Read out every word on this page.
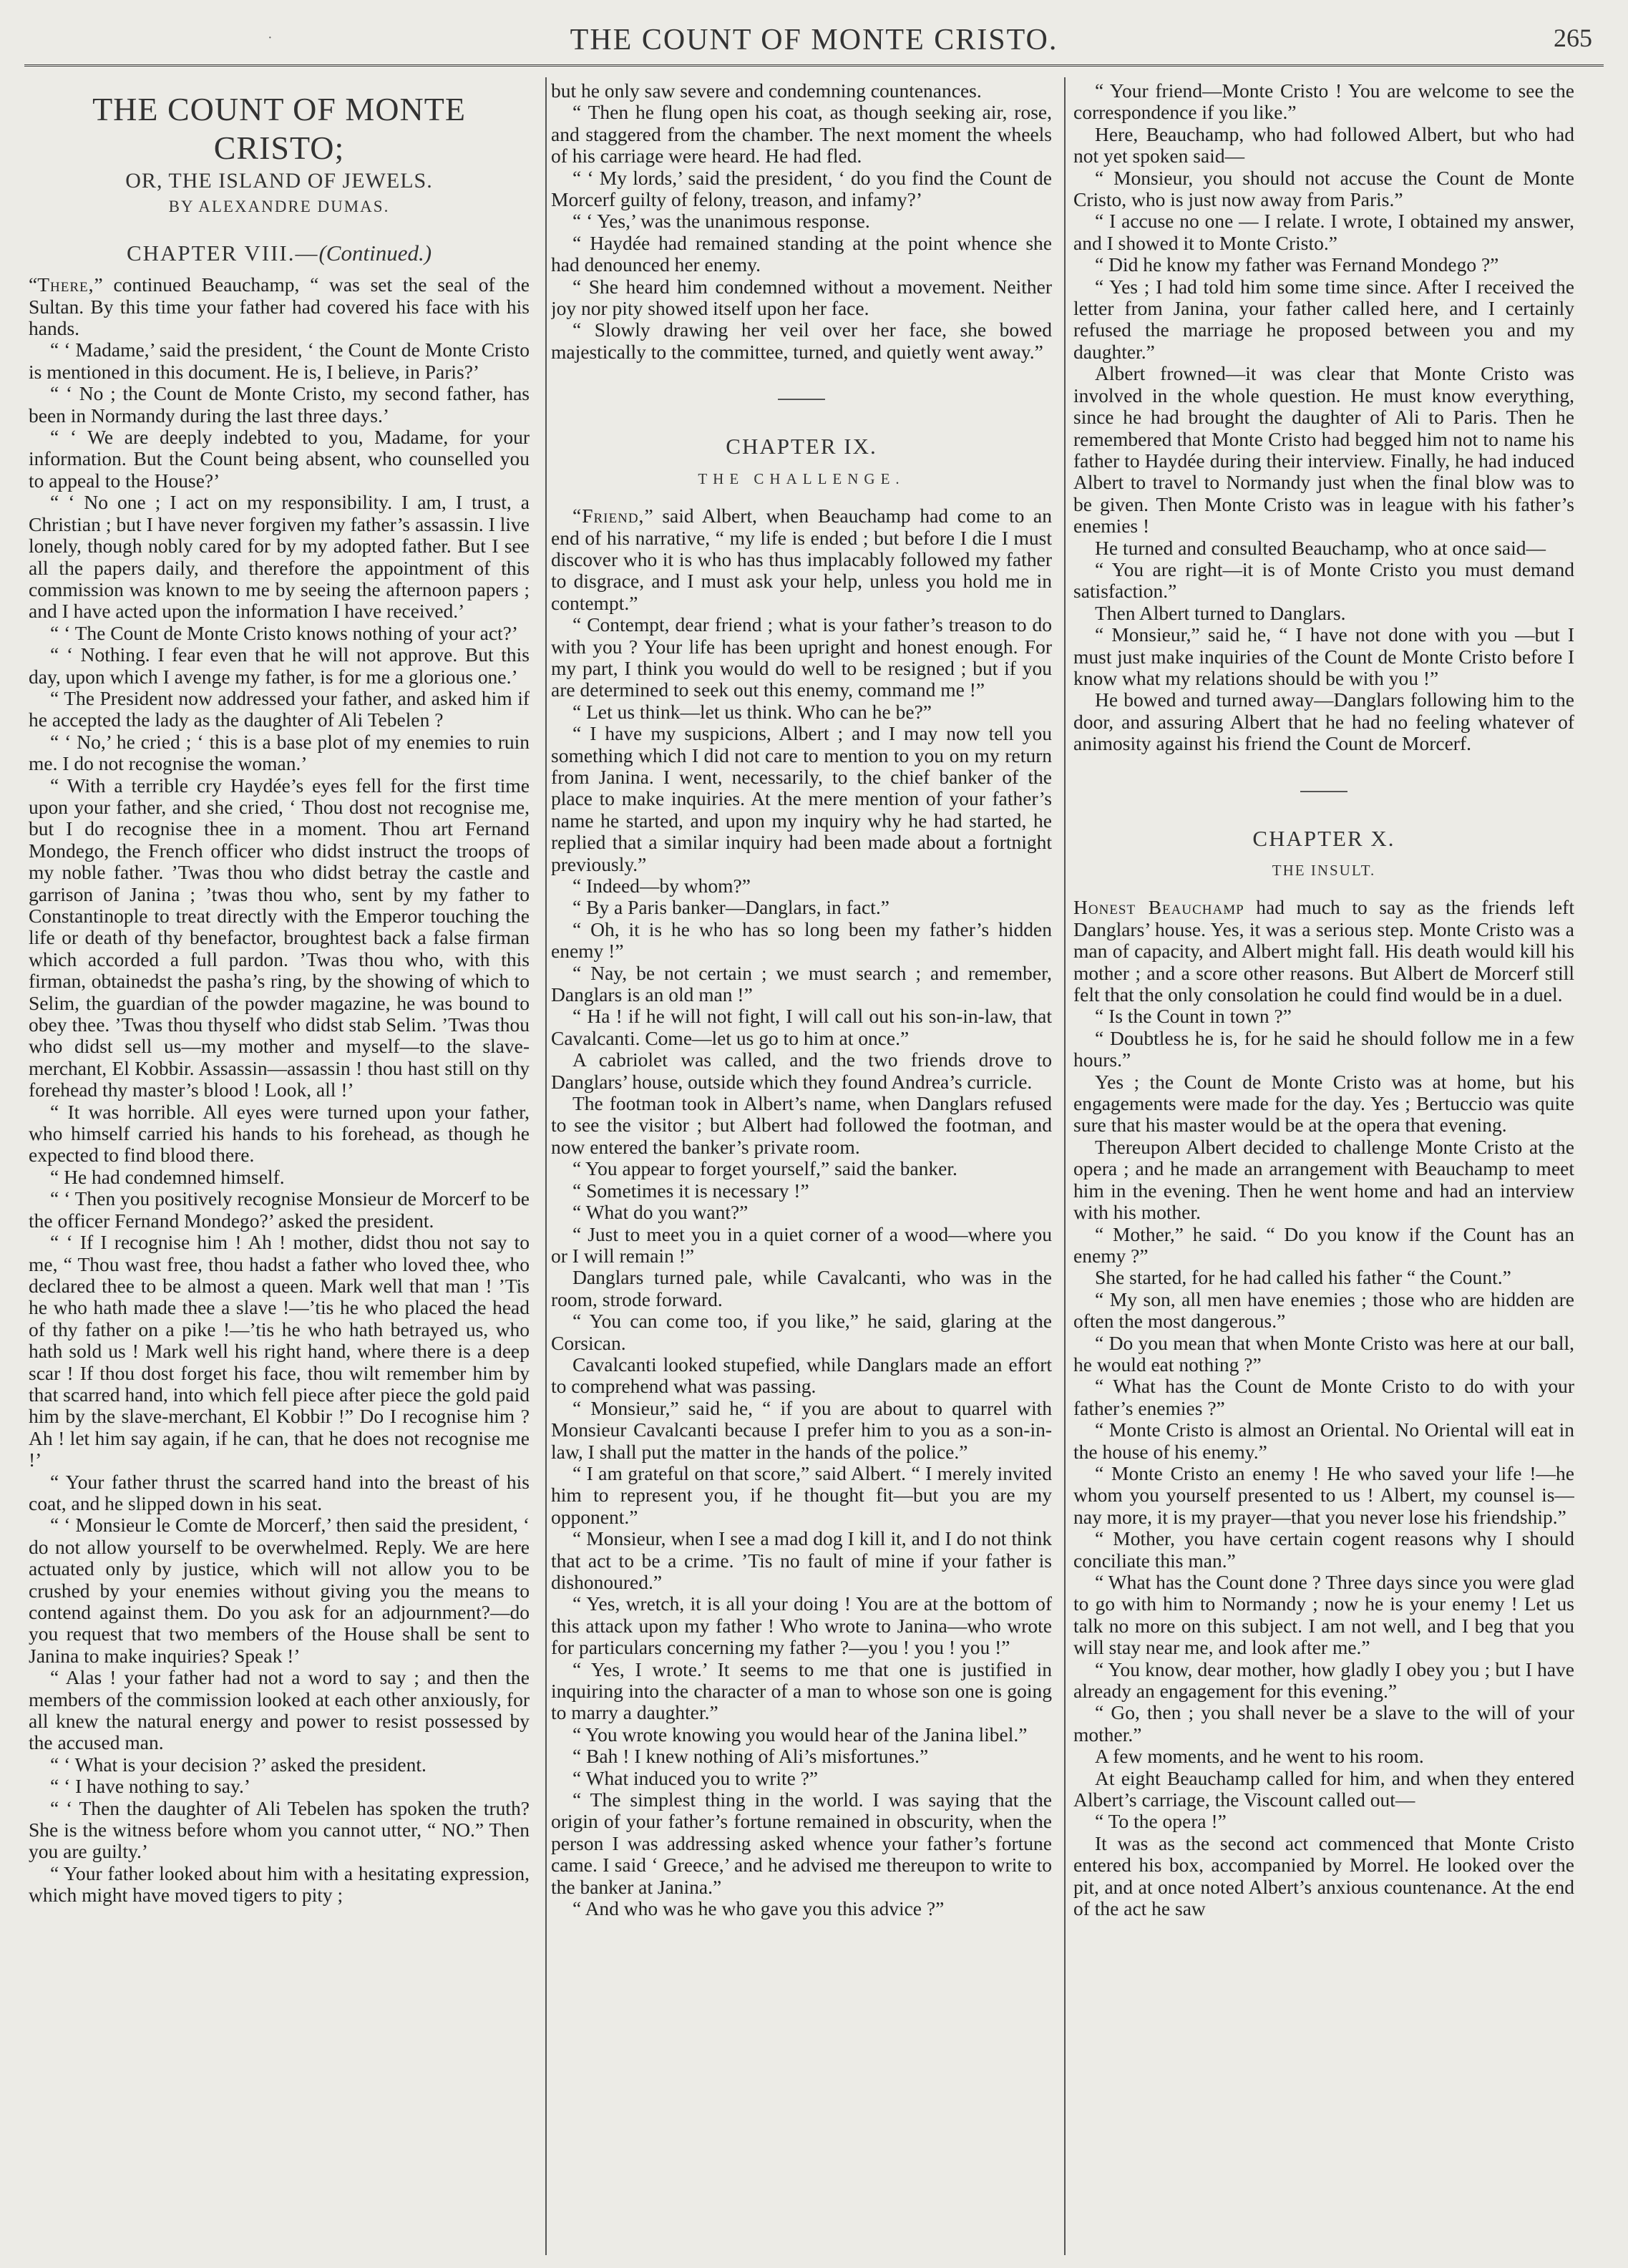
·	THE COUNT OF MONTE CRISTO.	265
THE COUNT OF MONTE CRISTO;
OR, THE ISLAND OF JEWELS.
BY ALEXANDRE DUMAS.
CHAPTER VIII.—(Continued.)

“There,” continued Beauchamp, “ was set the seal of the Sultan. By this time your father had covered his face with his hands.

“ ‘ Madame,’ said the president, ‘ the Count de Monte Cristo is mentioned in this document. He is, I believe, in Paris?’

“ ‘ No ; the Count de Monte Cristo, my second father, has been in Normandy during the last three days.’

“ ‘ We are deeply indebted to you, Madame, for your information. But the Count being absent, who counselled you to appeal to the House?’

“ ‘ No one ; I act on my responsibility. I am, I trust, a Christian ; but I have never forgiven my father’s assassin. I live lonely, though nobly cared for by my adopted father. But I see all the papers daily, and therefore the appointment of this commission was known to me by seeing the afternoon papers ; and I have acted upon the information I have received.’

“ ‘ The Count de Monte Cristo knows nothing of your act?’

“ ‘ Nothing. I fear even that he will not approve. But this day, upon which I avenge my father, is for me a glorious one.’

“ The President now addressed your father, and asked him if he accepted the lady as the daughter of Ali Tebelen ?

“ ‘ No,’ he cried ; ‘ this is a base plot of my enemies to ruin me. I do not recognise the woman.’

“ With a terrible cry Haydée’s eyes fell for the first time upon your father, and she cried, ‘ Thou dost not recognise me, but I do recognise thee in a moment. Thou art Fernand Mondego, the French officer who didst instruct the troops of my noble father. ’Twas thou who didst betray the castle and garrison of Janina ; ’twas thou who, sent by my father to Constantinople to treat directly with the Emperor touching the life or death of thy benefactor, broughtest back a false firman which accorded a full pardon. ’Twas thou who, with this firman, obtainedst the pasha’s ring, by the showing of which to Selim, the guardian of the powder magazine, he was bound to obey thee. ’Twas thou thyself who didst stab Selim. ’Twas thou who didst sell us—my mother and myself—to the slave-merchant, El Kobbir. Assassin—assassin ! thou hast still on thy forehead thy master’s blood ! Look, all !’

“ It was horrible. All eyes were turned upon your father, who himself carried his hands to his forehead, as though he expected to find blood there.

“ He had condemned himself.

“ ‘ Then you positively recognise Monsieur de Morcerf to be the officer Fernand Mondego?’ asked the president.

“ ‘ If I recognise him ! Ah ! mother, didst thou not say to me, “ Thou wast free, thou hadst a father who loved thee, who declared thee to be almost a queen. Mark well that man ! ’Tis he who hath made thee a slave !—’tis he who placed the head of thy father on a pike !—’tis he who hath betrayed us, who hath sold us ! Mark well his right hand, where there is a deep scar ! If thou dost forget his face, thou wilt remember him by that scarred hand, into which fell piece after piece the gold paid him by the slave-merchant, El Kobbir !” Do I recognise him ? Ah ! let him say again, if he can, that he does not recognise me !’

“ Your father thrust the scarred hand into the breast of his coat, and he slipped down in his seat.

“ ‘ Monsieur le Comte de Morcerf,’ then said the president, ‘ do not allow yourself to be overwhelmed. Reply. We are here actuated only by justice, which will not allow you to be crushed by your enemies without giving you the means to contend against them. Do you ask for an adjournment?—do you request that two members of the House shall be sent to Janina to make inquiries? Speak !’

“ Alas ! your father had not a word to say ; and then the members of the commission looked at each other anxiously, for all knew the natural energy and power to resist possessed by the accused man.

“ ‘ What is your decision ?’ asked the president.

“ ‘ I have nothing to say.’

“ ‘ Then the daughter of Ali Tebelen has spoken the truth? She is the witness before whom you cannot utter, “ NO.” Then you are guilty.’

“ Your father looked about him with a hesitating expression, which might have moved tigers to pity ;

but he only saw severe and condemning countenances.

“ Then he flung open his coat, as though seeking air, rose, and staggered from the chamber. The next moment the wheels of his carriage were heard. He had fled.

“ ‘ My lords,’ said the president, ‘ do you find the Count de Morcerf guilty of felony, treason, and infamy?’

“ ‘ Yes,’ was the unanimous response.

“ Haydée had remained standing at the point whence she had denounced her enemy.

“ She heard him condemned without a movement. Neither joy nor pity showed itself upon her face.

“ Slowly drawing her veil over her face, she bowed majestically to the committee, turned, and quietly went away.”

CHAPTER IX.
THE CHALLENGE.

“Friend,” said Albert, when Beauchamp had come to an end of his narrative, “ my life is ended ; but before I die I must discover who it is who has thus implacably followed my father to disgrace, and I must ask your help, unless you hold me in contempt.”

“ Contempt, dear friend ; what is your father’s treason to do with you ? Your life has been upright and honest enough. For my part, I think you would do well to be resigned ; but if you are determined to seek out this enemy, command me !”

“ Let us think—let us think. Who can he be?”

“ I have my suspicions, Albert ; and I may now tell you something which I did not care to mention to you on my return from Janina. I went, necessarily, to the chief banker of the place to make inquiries. At the mere mention of your father’s name he started, and upon my inquiry why he had started, he replied that a similar inquiry had been made about a fortnight previously.”

“ Indeed—by whom?”

“ By a Paris banker—Danglars, in fact.”

“ Oh, it is he who has so long been my father’s hidden enemy !”

“ Nay, be not certain ; we must search ; and remember, Danglars is an old man !”

“ Ha ! if he will not fight, I will call out his son-in-law, that Cavalcanti. Come—let us go to him at once.”

A cabriolet was called, and the two friends drove to Danglars’ house, outside which they found Andrea’s curricle.

The footman took in Albert’s name, when Danglars refused to see the visitor ; but Albert had followed the footman, and now entered the banker’s private room.

“ You appear to forget yourself,” said the banker.

“ Sometimes it is necessary !”

“ What do you want?”

“ Just to meet you in a quiet corner of a wood—where you or I will remain !”

Danglars turned pale, while Cavalcanti, who was in the room, strode forward.

“ You can come too, if you like,” he said, glaring at the Corsican.

Cavalcanti looked stupefied, while Danglars made an effort to comprehend what was passing.

“ Monsieur,” said he, “ if you are about to quarrel with Monsieur Cavalcanti because I prefer him to you as a son-in-law, I shall put the matter in the hands of the police.”

“ I am grateful on that score,” said Albert. “ I merely invited him to represent you, if he thought fit—but you are my opponent.”

“ Monsieur, when I see a mad dog I kill it, and I do not think that act to be a crime. ’Tis no fault of mine if your father is dishonoured.”

“ Yes, wretch, it is all your doing ! You are at the bottom of this attack upon my father ! Who wrote to Janina—who wrote for particulars concerning my father ?—you ! you ! you !”

“ Yes, I wrote.’ It seems to me that one is justified in inquiring into the character of a man to whose son one is going to marry a daughter.”

“ You wrote knowing you would hear of the Janina libel.”

“ Bah ! I knew nothing of Ali’s misfortunes.”

“ What induced you to write ?”

“ The simplest thing in the world. I was saying that the origin of your father’s fortune remained in obscurity, when the person I was addressing asked whence your father’s fortune came. I said ‘ Greece,’ and he advised me thereupon to write to the banker at Janina.”

“ And who was he who gave you this advice ?”

“ Your friend—Monte Cristo ! You are welcome to see the correspondence if you like.”

Here, Beauchamp, who had followed Albert, but who had not yet spoken said—

“ Monsieur, you should not accuse the Count de Monte Cristo, who is just now away from Paris.”

“ I accuse no one — I relate. I wrote, I obtained my answer, and I showed it to Monte Cristo.”

“ Did he know my father was Fernand Mondego ?”

“ Yes ; I had told him some time since. After I received the letter from Janina, your father called here, and I certainly refused the marriage he proposed between you and my daughter.”

Albert frowned—it was clear that Monte Cristo was involved in the whole question. He must know everything, since he had brought the daughter of Ali to Paris. Then he remembered that Monte Cristo had begged him not to name his father to Haydée during their interview. Finally, he had induced Albert to travel to Normandy just when the final blow was to be given. Then Monte Cristo was in league with his father’s enemies !

He turned and consulted Beauchamp, who at once said—

“ You are right—it is of Monte Cristo you must demand satisfaction.”

Then Albert turned to Danglars.

“ Monsieur,” said he, “ I have not done with you —but I must just make inquiries of the Count de Monte Cristo before I know what my relations should be with you !”

He bowed and turned away—Danglars following him to the door, and assuring Albert that he had no feeling whatever of animosity against his friend the Count de Morcerf.

CHAPTER X.
THE INSULT.

Honest Beauchamp had much to say as the friends left Danglars’ house. Yes, it was a serious step. Monte Cristo was a man of capacity, and Albert might fall. His death would kill his mother ; and a score other reasons. But Albert de Morcerf still felt that the only consolation he could find would be in a duel.

“ Is the Count in town ?”

“ Doubtless he is, for he said he should follow me in a few hours.”

Yes ; the Count de Monte Cristo was at home, but his engagements were made for the day. Yes ; Bertuccio was quite sure that his master would be at the opera that evening.

Thereupon Albert decided to challenge Monte Cristo at the opera ; and he made an arrangement with Beauchamp to meet him in the evening. Then he went home and had an interview with his mother.

“ Mother,” he said. “ Do you know if the Count has an enemy ?”

She started, for he had called his father “ the Count.”

“ My son, all men have enemies ; those who are hidden are often the most dangerous.”

“ Do you mean that when Monte Cristo was here at our ball, he would eat nothing ?”

“ What has the Count de Monte Cristo to do with your father’s enemies ?”

“ Monte Cristo is almost an Oriental. No Oriental will eat in the house of his enemy.”

“ Monte Cristo an enemy ! He who saved your life !—he whom you yourself presented to us ! Albert, my counsel is—nay more, it is my prayer—that you never lose his friendship.”

“ Mother, you have certain cogent reasons why I should conciliate this man.”

“ What has the Count done ? Three days since you were glad to go with him to Normandy ; now he is your enemy ! Let us talk no more on this subject. I am not well, and I beg that you will stay near me, and look after me.”

“ You know, dear mother, how gladly I obey you ; but I have already an engagement for this evening.”

“ Go, then ; you shall never be a slave to the will of your mother.”

A few moments, and he went to his room.

At eight Beauchamp called for him, and when they entered Albert’s carriage, the Viscount called out—

“ To the opera !”

It was as the second act commenced that Monte Cristo entered his box, accompanied by Morrel. He looked over the pit, and at once noted Albert’s anxious countenance. At the end of the act he saw
